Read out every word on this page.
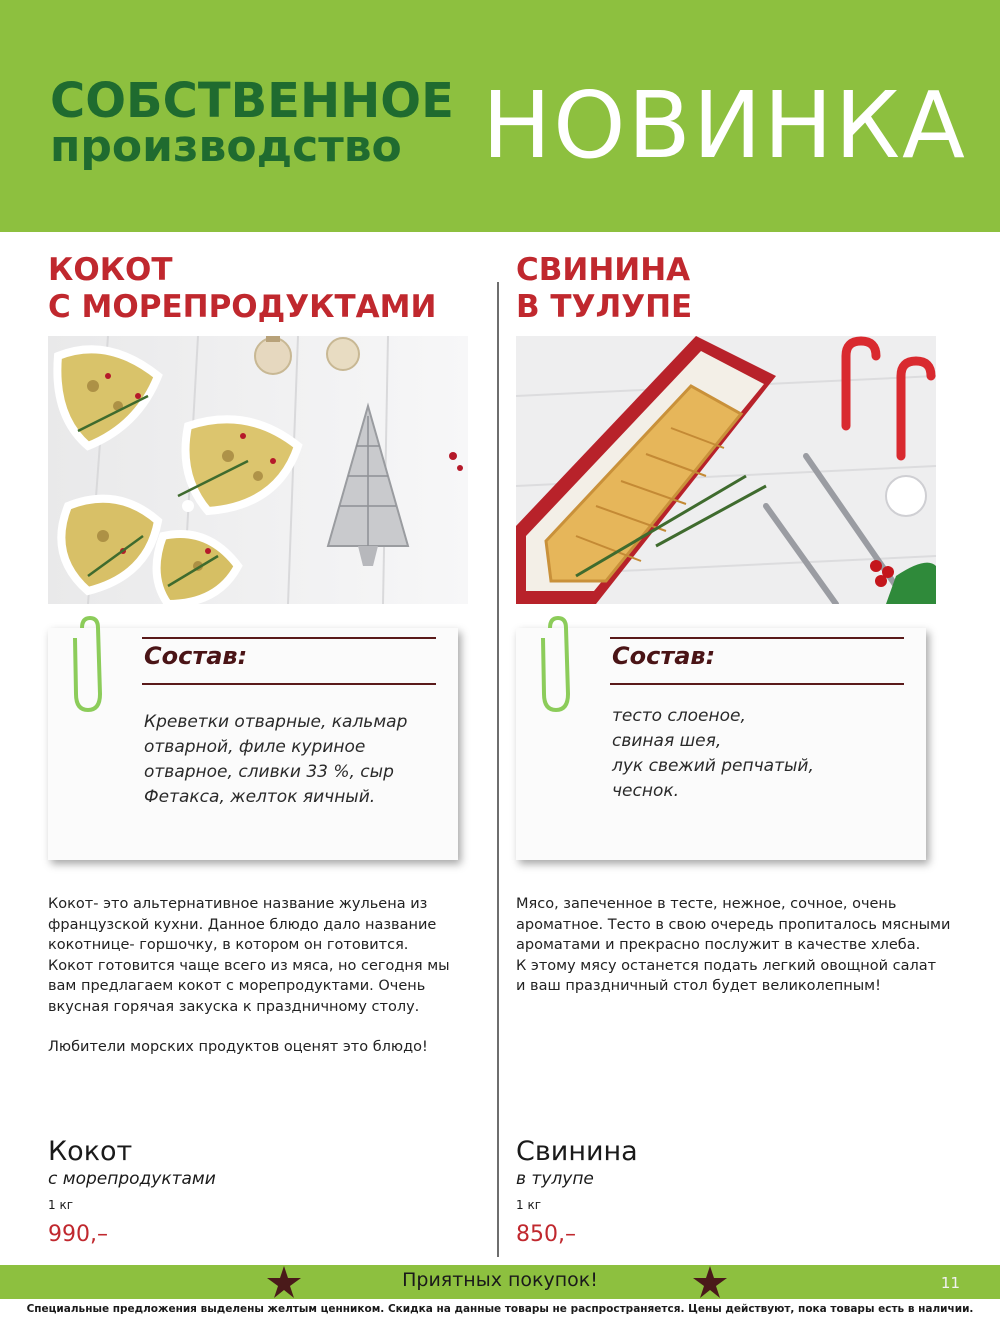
СОБСТВЕННОЕ
производство НОВИНКА
КОКОТ
С МОРЕПРОДУКТАМИ
Состав:
Креветки отварные, кальмар
отварной, филе куриное
отварное, сливки 33 %, сыр
Фетакса, желток яичный.

Кокот- это альтернативное название жульена из
французской кухни. Данное блюдо дало название
кокотнице- горшочку, в котором он готовится.
Кокот готовится чаще всего из мяса, но сегодня мы
вам предлагаем кокот с морепродуктами. Очень
вкусная горячая закуска к праздничному столу.

Любители морских продуктов оценят это блюдо!

Кокот
с морепродуктами
1 кг
990,–
СВИНИНА
В ТУЛУПЕ
Состав:
тесто слоеное,
свиная шея,
лук свежий репчатый,
чеснок.

Мясо, запеченное в тесте, нежное, сочное, очень
ароматное. Тесто в свою очередь пропиталось мясными
ароматами и прекрасно послужит в качестве хлеба.
К этому мясу останется подать легкий овощной салат
и ваш праздничный стол будет великолепным!

Свинина
в тулупе
1 кг
850,–
Приятных покупок!	11
Специальные предложения выделены желтым ценником. Скидка на данные товары не распространяется. Цены действуют, пока товары есть в наличии.
